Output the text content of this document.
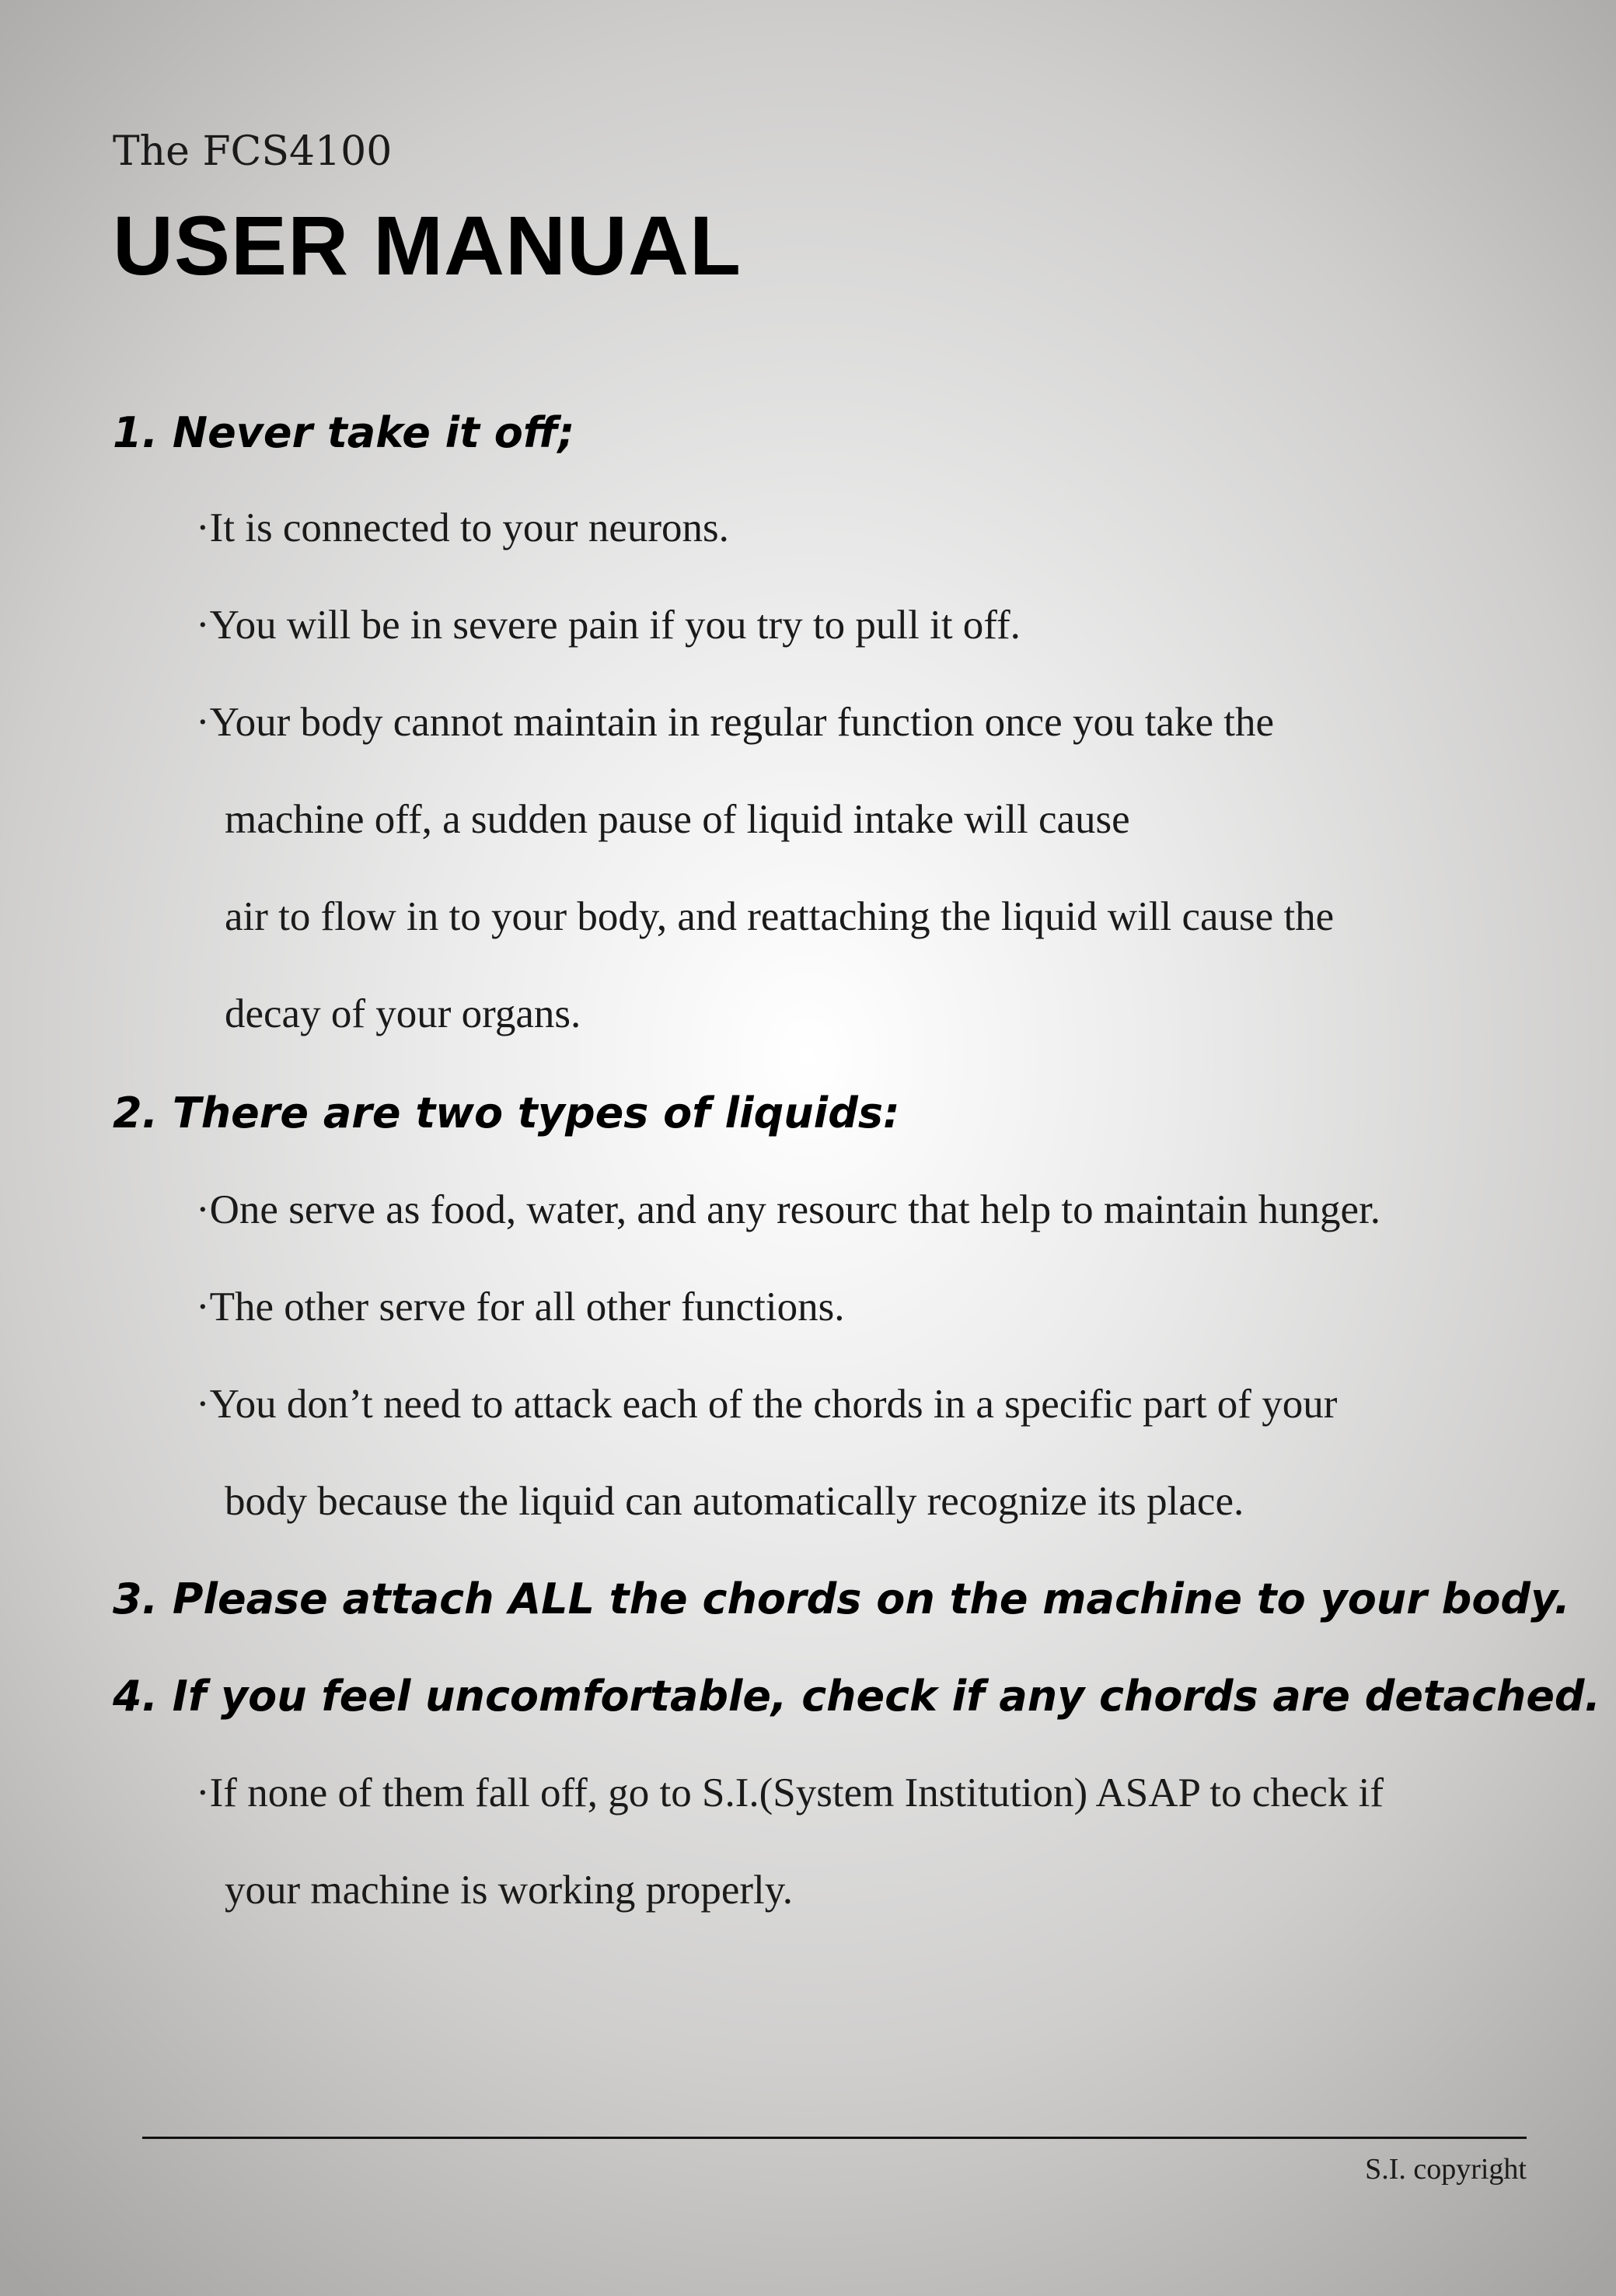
The FCS4100
USER MANUAL
1. Never take it off;
·It is connected to your neurons.
·You will be in severe pain if you try to pull it off.
·Your body cannot maintain in regular function once you take the
machine off, a sudden pause of liquid intake will cause
air to flow in to your body, and reattaching the liquid will cause the
decay of your organs.
2. There are two types of liquids:
·One serve as food, water, and any resourc that help to maintain hunger.
·The other serve for all other functions.
·You don’t need to attack each of the chords in a specific part of your
body because the liquid can automatically recognize its place.
3. Please attach ALL the chords on the machine to your body.
4. If you feel uncomfortable, check if any chords are detached.
·If none of them fall off, go to S.I.(System Institution) ASAP to check if
your machine is working properly.
S.I. copyright
